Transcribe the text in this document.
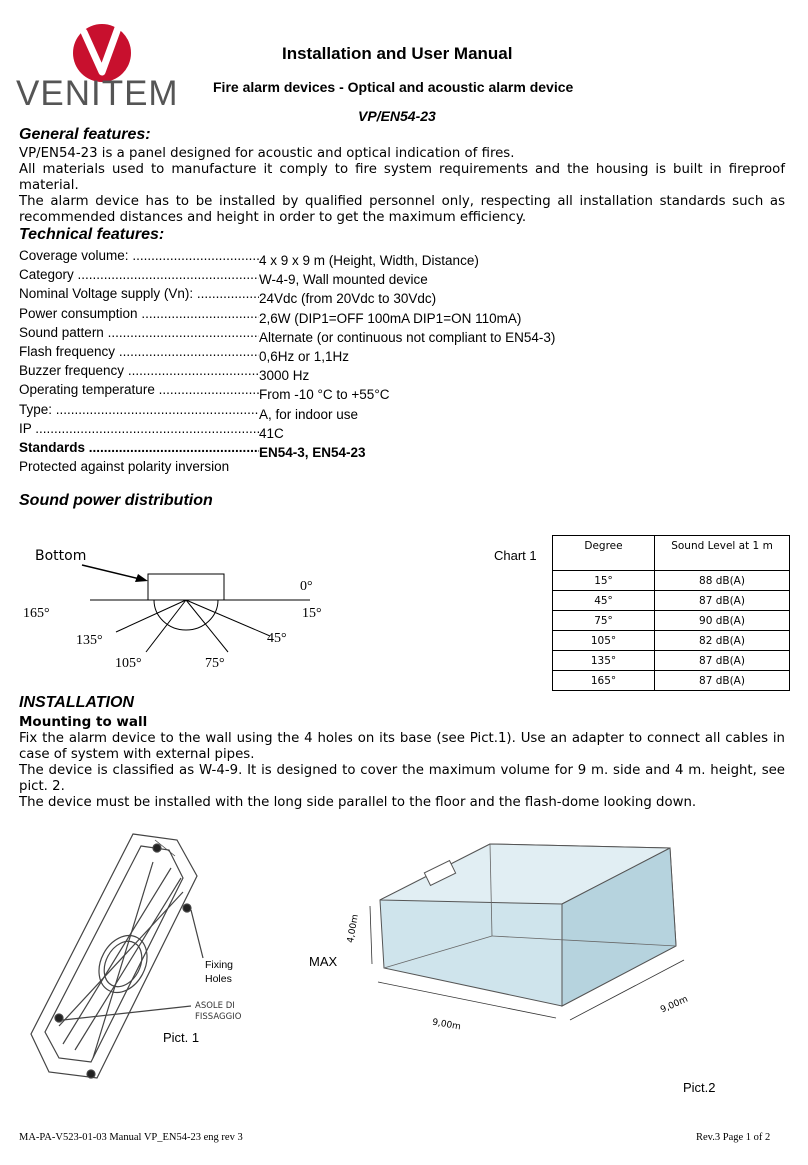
VENITEM
Installation and User Manual
Fire alarm devices - Optical and acoustic alarm device
VP/EN54-23
General features:
VP/EN54-23 is a panel designed for acoustic and optical indication of fires.
All materials used to manufacture it comply to fire system requirements and the housing is built in fireproof material.
The alarm device has to be installed by qualified personnel only, respecting all installation standards such as recommended distances and height in order to get the maximum efficiency.
Technical features:
Coverage volume: .....	4 x 9 x 9 m (Height, Width, Distance)
Category .....	W-4-9, Wall mounted device
Nominal Voltage supply (Vn): .....	24Vdc (from 20Vdc to 30Vdc)
Power consumption .....	2,6W (DIP1=OFF 100mA DIP1=ON 110mA)
Sound pattern .....	Alternate (or continuous not compliant to EN54-3)
Flash frequency .....	0,6Hz or 1,1Hz
Buzzer frequency .....	3000 Hz
Operating temperature .....	From -10 °C to +55°C
Type: .....	A, for indoor use
IP .....	41C
Standards .....	EN54-3, EN54-23
Protected against polarity inversion
Sound power distribution
Bottom
0°
15°
165°
135°	45°
105°	75°
Chart 1
Degree	Sound Level at 1 m
15°	88 dB(A)
45°	87 dB(A)
75°	90 dB(A)
105°	82 dB(A)
135°	87 dB(A)
165°	87 dB(A)
INSTALLATION
Mounting to wall
Fix the alarm device to the wall using the 4 holes on its base (see Pict.1). Use an adapter to connect all cables in case of system with external pipes.
The device is classified as W-4-9. It is designed to cover the maximum volume for 9 m. side and 4 m. height, see pict. 2.
The device must be installed with the long side parallel to the floor and the flash-dome looking down.
Fixing
Holes
ASOLE DI
FISSAGGIO
Pict. 1
MAX
4,00m
9,00m
9,00m
Pict.2
MA-PA-V523-01-03 Manual VP_EN54-23 eng rev 3	Rev.3 Page 1 of 2
